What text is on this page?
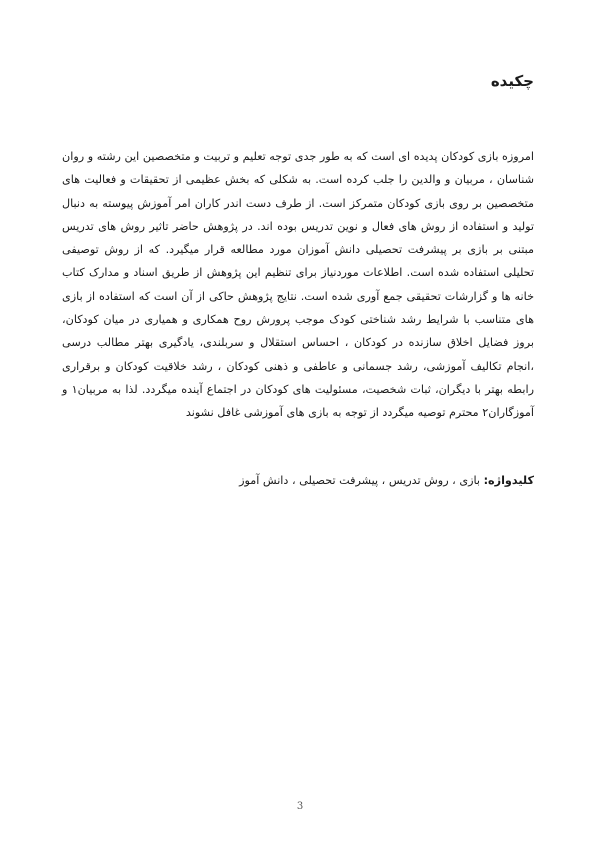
چکیده

امروزه بازی کودکان پدیده ای است که به طور جدی توجه تعلیم و تربیت و متخصصین این رشته و روان شناسان ، مربیان و والدین را جلب کرده است. به شکلی که بخش عظیمی از تحقیقات و فعالیت های متخصصین بر روی بازی کودکان متمرکز است. از طرف دست اندر کاران امر آموزش پیوسته به دنبال تولید و استفاده از روش های فعال و نوین تدریس بوده اند. در پژوهش حاضر تاثیر روش های تدریس مبتنی بر بازی بر پیشرفت تحصیلی دانش آموزان مورد مطالعه قرار میگیرد. که از روش توصیفی تحلیلی استفاده شده است. اطلاعات موردنیاز برای تنظیم این پژوهش از طریق اسناد و مدارک کتاب خانه ها و گزارشات تحقیقی جمع آوری شده است. نتایج پژوهش حاکی از آن است که استفاده از بازی های متناسب با شرایط رشد شناختی کودک موجب پرورش روح همکاری و همیاری در میان کودکان، بروز فضایل اخلاق سازنده در کودکان ، احساس استقلال و سربلندی، یادگیری بهتر مطالب درسی ،انجام تکالیف آموزشی، رشد جسمانی و عاطفی و ذهنی کودکان ، رشد خلاقیت کودکان و برقراری رابطه بهتر با دیگران، ثبات شخصیت، مسئولیت های کودکان در اجتماع آینده میگردد. لذا به مربیان۱ و آموزگاران۲ محترم توصیه میگردد از توجه به بازی های آموزشی غافل نشوند

کلیدواژه: بازی ، روش تدریس ، پیشرفت تحصیلی ، دانش آموز

3
